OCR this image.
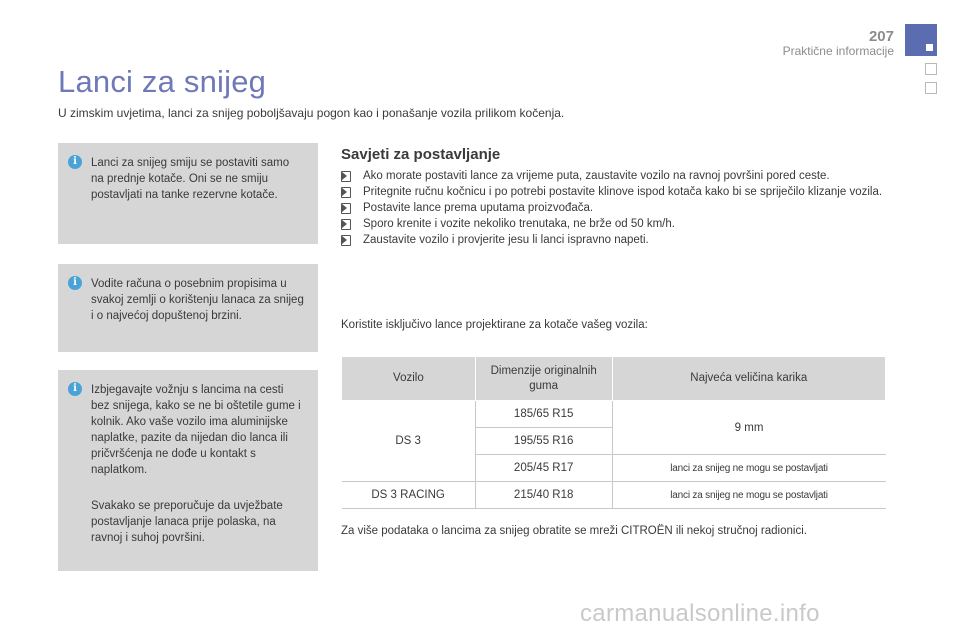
207
Praktične informacije
Lanci za snijeg

U zimskim uvjetima, lanci za snijeg poboljšavaju pogon kao i ponašanje vozila prilikom kočenja.

i	Lanci za snijeg smiju se postaviti samo na prednje kotače. Oni se ne smiju postavljati na tanke rezervne kotače.

i	Vodite računa o posebnim propisima u svakoj zemlji o korištenju lanaca za snijeg i o najvećoj dopuštenoj brzini.

i	Izbjegavajte vožnju s lancima na cesti bez snijega, kako se ne bi oštetile gume i kolnik. Ako vaše vozilo ima aluminijske naplatke, pazite da nijedan dio lanca ili pričvršćenja ne dođe u kontakt s naplatkom.

Svakako se preporučuje da uvježbate postavljanje lanaca prije polaska, na ravnoj i suhoj površini.

Savjeti za postavljanje
Ako morate postaviti lance za vrijeme puta, zaustavite vozilo na ravnoj površini pored ceste.
Pritegnite ručnu kočnicu i po potrebi postavite klinove ispod kotača kako bi se spriječilo klizanje vozila.
Postavite lance prema uputama proizvođača.
Sporo krenite i vozite nekoliko trenutaka, ne brže od 50 km/h.
Zaustavite vozilo i provjerite jesu li lanci ispravno napeti.

Koristite isključivo lance projektirane za kotače vašeg vozila:

Vozilo	Dimenzije originalnih guma	Najveća veličina karika
DS 3	185/65 R15	9 mm
	195/55 R16	
	205/45 R17	lanci za snijeg ne mogu se postavljati
DS 3 RACING	215/40 R18	lanci za snijeg ne mogu se postavljati

Za više podataka o lancima za snijeg obratite se mreži CITROËN ili nekoj stručnoj radionici.

carmanualsonline.info
